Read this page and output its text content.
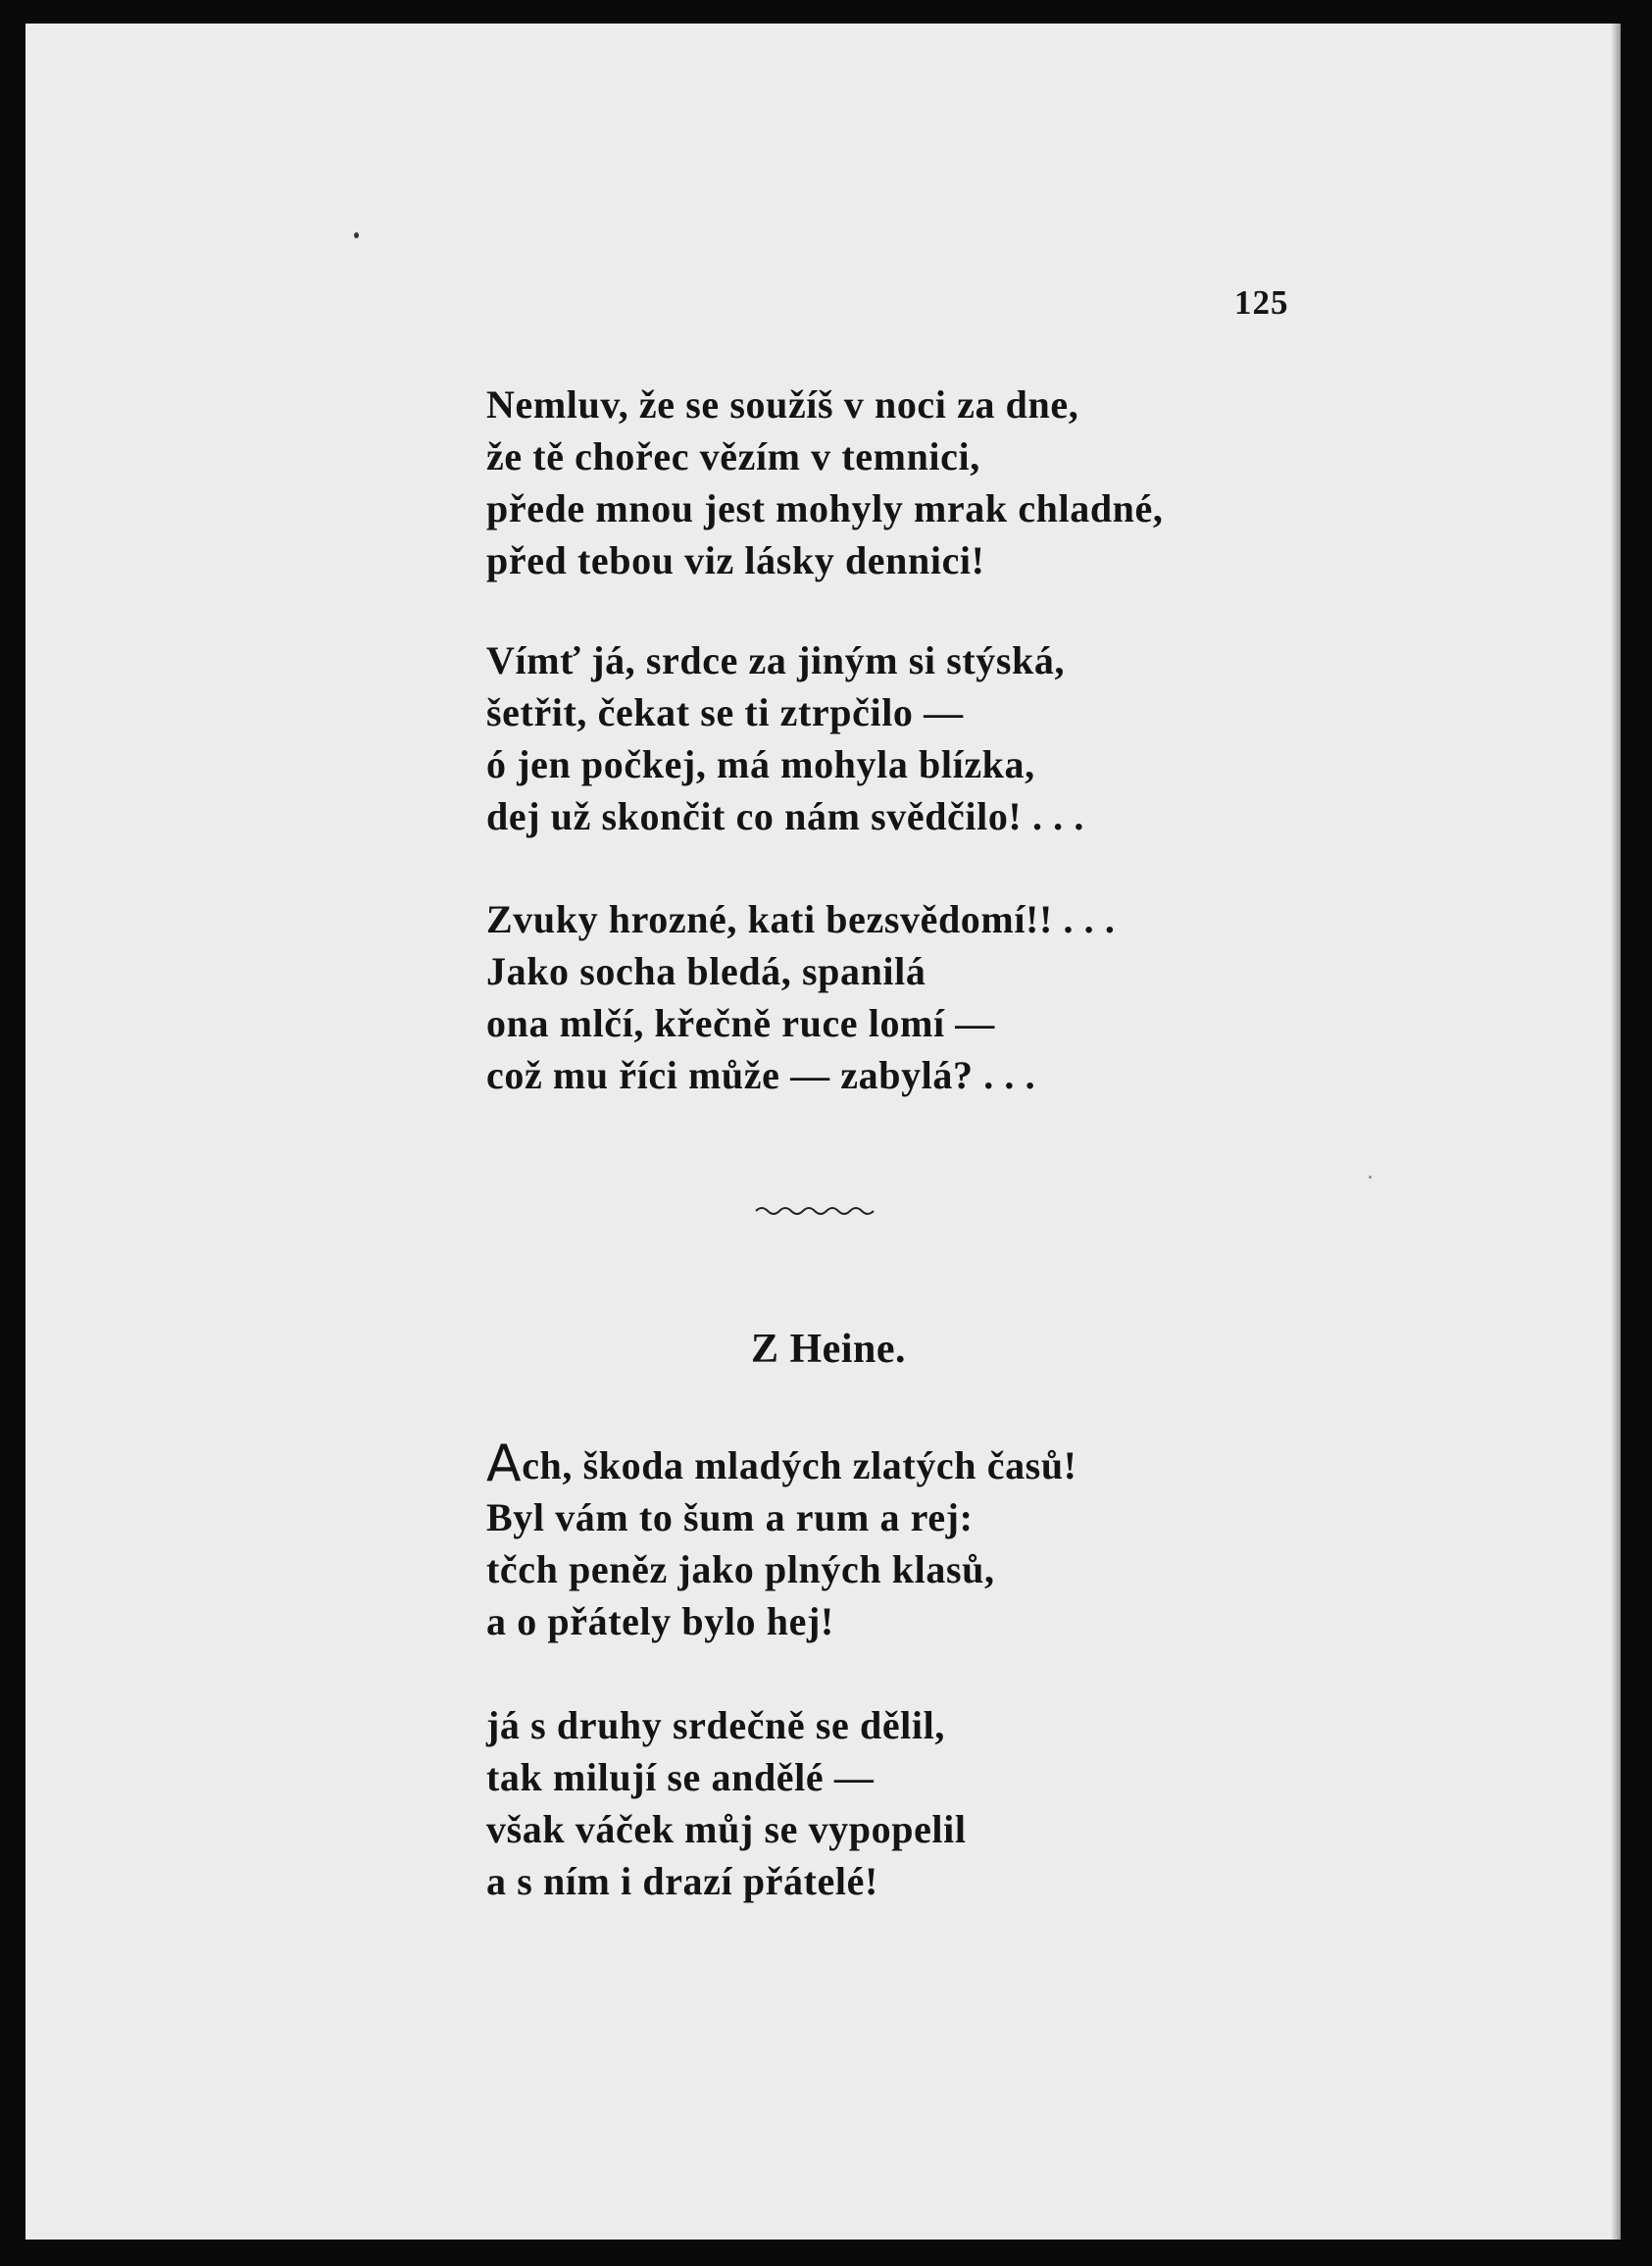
125
Nemluv, že se soužíš v noci za dne,
že tě chořec vězím v temnici,
přede mnou jest mohyly mrak chladné,
před tebou viz lásky dennici!
Vímť já, srdce za jiným si stýská,
šetřit, čekat se ti ztrpčilo —
ó jen počkej, má mohyla blízka,
dej už skončit co nám svědčilo! . . .
Zvuky hrozné, kati bezsvědomí!! . . .
Jako socha bledá, spanilá
ona mlčí, křečně ruce lomí —
což mu říci může — zabylá? . . .
Z Heine.
Ach, škoda mladých zlatých časů!
Byl vám to šum a rum a rej:
tčch peněz jako plných klasů,
a o přátely bylo hej!
já s druhy srdečně se dělil,
tak milují se andělé —
však váček můj se vypopelil
a s ním i drazí přátelé!
